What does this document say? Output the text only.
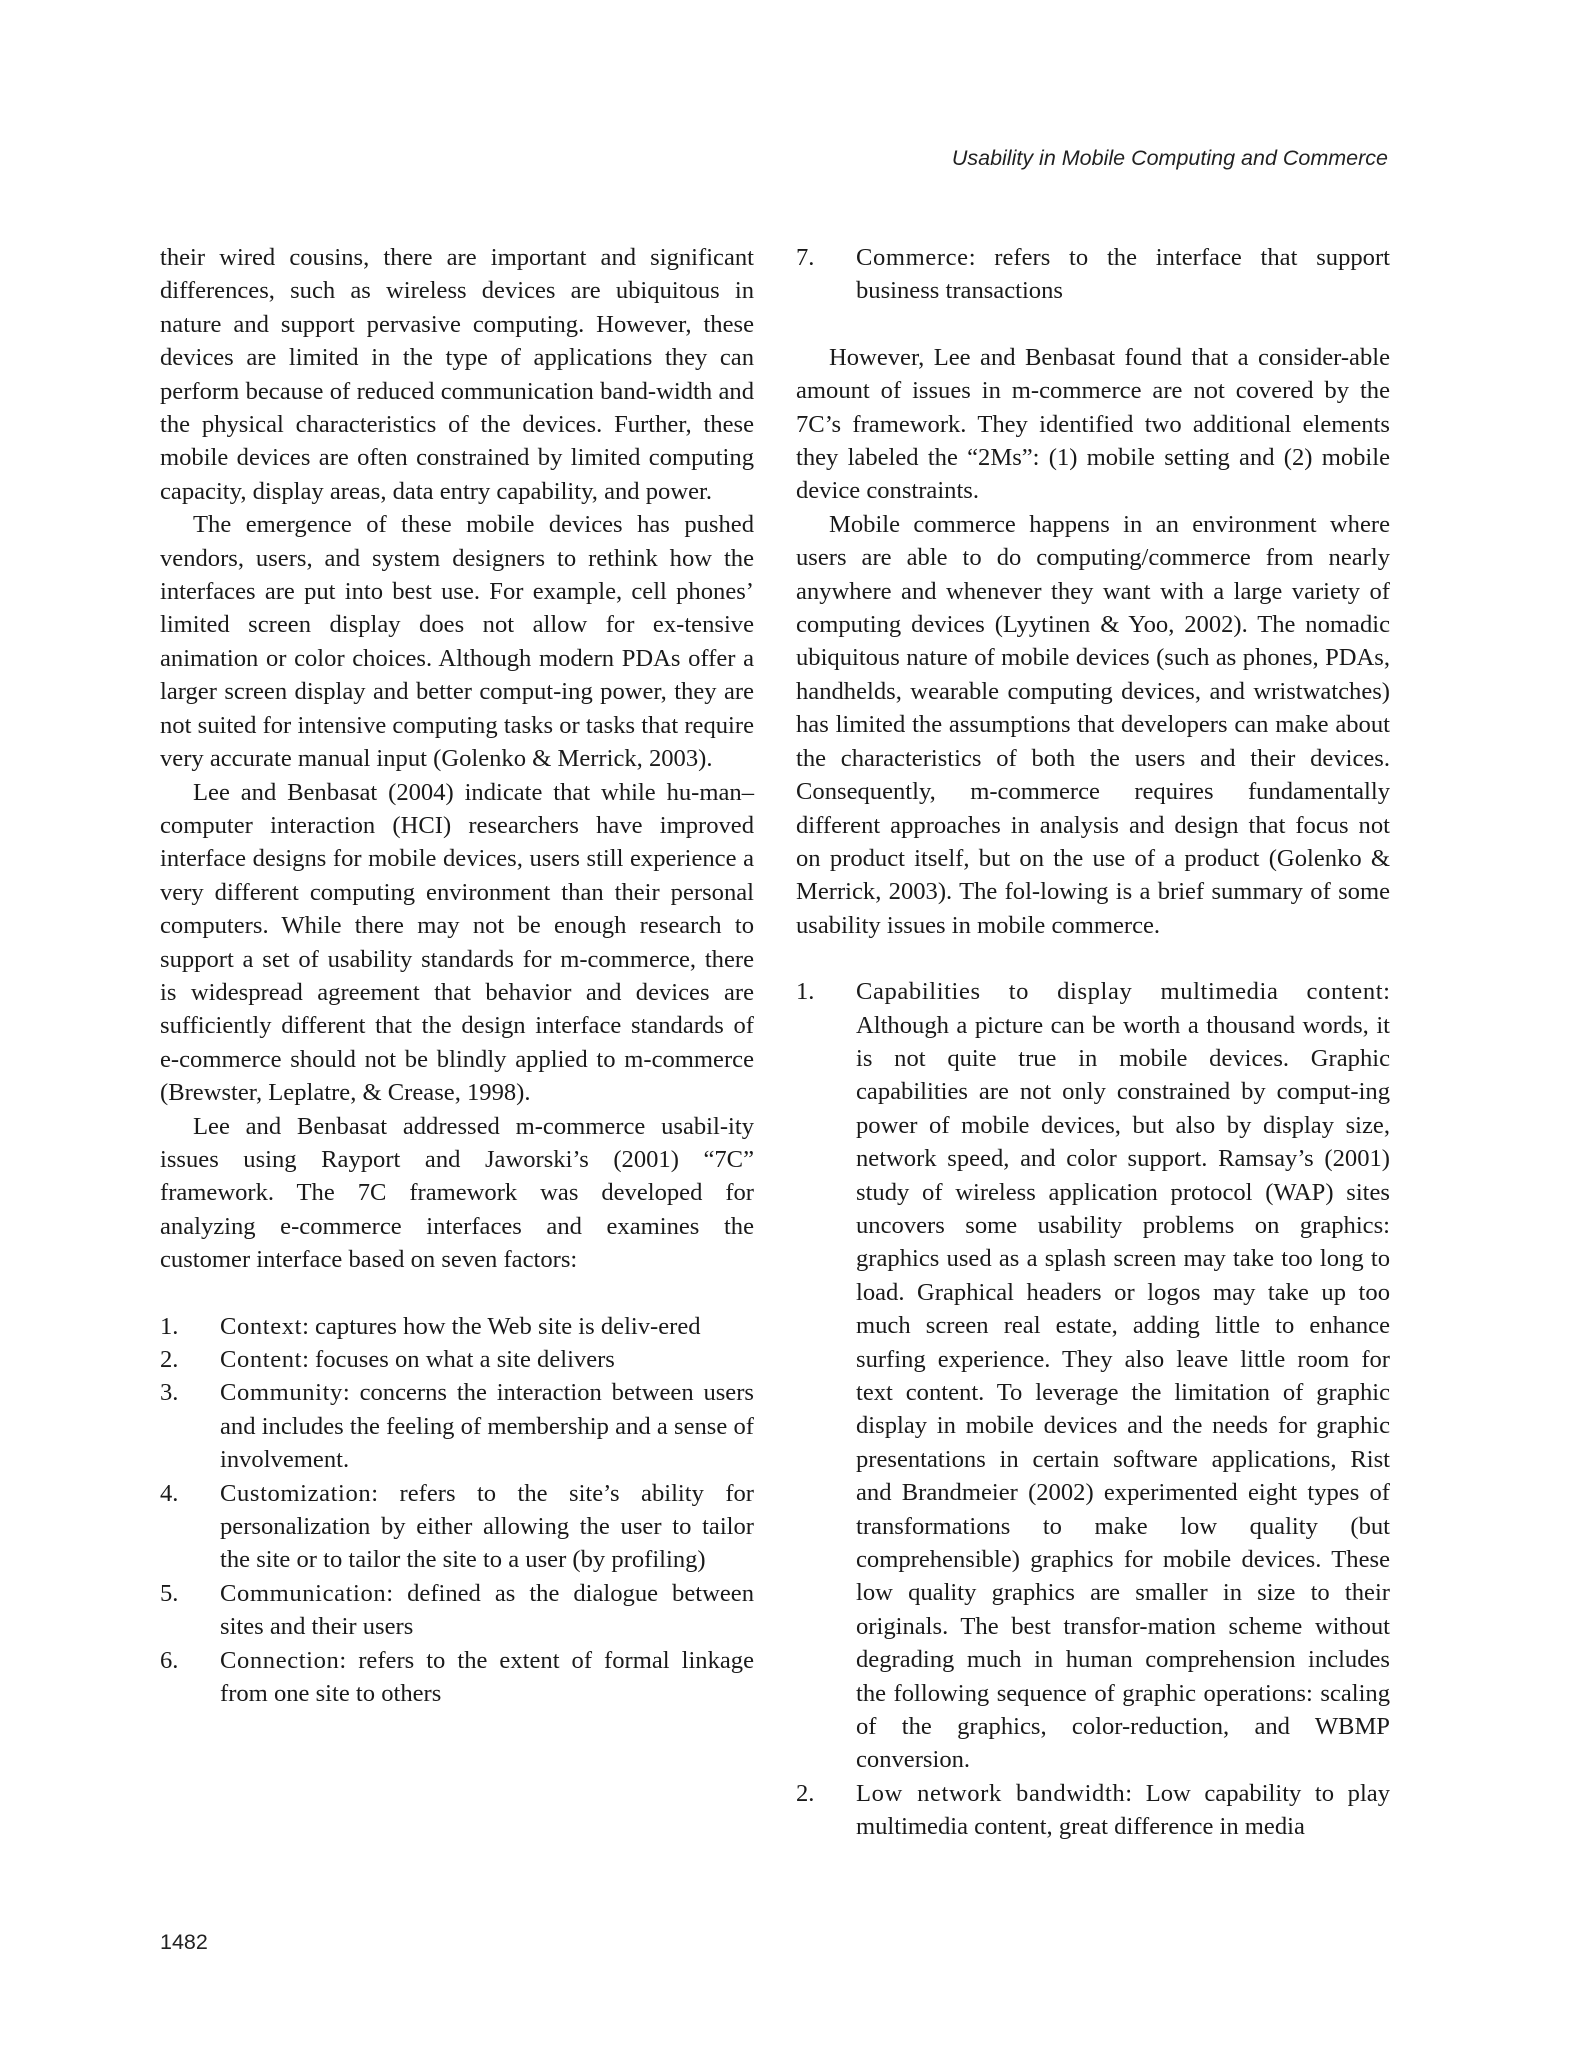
Usability in Mobile Computing and Commerce

their wired cousins, there are important and significant differences, such as wireless devices are ubiquitous in nature and support pervasive computing. However, these devices are limited in the type of applications they can perform because of reduced communication band-width and the physical characteristics of the devices. Further, these mobile devices are often constrained by limited computing capacity, display areas, data entry capability, and power.

The emergence of these mobile devices has pushed vendors, users, and system designers to rethink how the interfaces are put into best use. For example, cell phones’ limited screen display does not allow for ex-tensive animation or color choices. Although modern PDAs offer a larger screen display and better comput-ing power, they are not suited for intensive computing tasks or tasks that require very accurate manual input (Golenko & Merrick, 2003).

Lee and Benbasat (2004) indicate that while hu-man–computer interaction (HCI) researchers have improved interface designs for mobile devices, users still experience a very different computing environment than their personal computers. While there may not be enough research to support a set of usability standards for m-commerce, there is widespread agreement that behavior and devices are sufficiently different that the design interface standards of e-commerce should not be blindly applied to m-commerce (Brewster, Leplatre, & Crease, 1998).

Lee and Benbasat addressed m-commerce usabil-ity issues using Rayport and Jaworski’s (2001) “7C” framework. The 7C framework was developed for analyzing e-commerce interfaces and examines the customer interface based on seven factors:

1. Context: captures how the Web site is deliv-ered
2. Content: focuses on what a site delivers
3. Community: concerns the interaction between users and includes the feeling of membership and a sense of involvement.
4. Customization: refers to the site’s ability for personalization by either allowing the user to tailor the site or to tailor the site to a user (by profiling)
5. Communication: defined as the dialogue between sites and their users
6. Connection: refers to the extent of formal linkage from one site to others
7. Commerce: refers to the interface that support business transactions

However, Lee and Benbasat found that a consider-able amount of issues in m-commerce are not covered by the 7C’s framework. They identified two additional elements they labeled the “2Ms”: (1) mobile setting and (2) mobile device constraints.

Mobile commerce happens in an environment where users are able to do computing/commerce from nearly anywhere and whenever they want with a large variety of computing devices (Lyytinen & Yoo, 2002). The nomadic ubiquitous nature of mobile devices (such as phones, PDAs, handhelds, wearable computing devices, and wristwatches) has limited the assumptions that developers can make about the characteristics of both the users and their devices. Consequently, m-commerce requires fundamentally different approaches in analysis and design that focus not on product itself, but on the use of a product (Golenko & Merrick, 2003). The fol-lowing is a brief summary of some usability issues in mobile commerce.

1. Capabilities to display multimedia content: Although a picture can be worth a thousand words, it is not quite true in mobile devices. Graphic capabilities are not only constrained by comput-ing power of mobile devices, but also by display size, network speed, and color support. Ramsay’s (2001) study of wireless application protocol (WAP) sites uncovers some usability problems on graphics: graphics used as a splash screen may take too long to load. Graphical headers or logos may take up too much screen real estate, adding little to enhance surfing experience. They also leave little room for text content. To leverage the limitation of graphic display in mobile devices and the needs for graphic presentations in certain software applications, Rist and Brandmeier (2002) experimented eight types of transformations to make low quality (but comprehensible) graphics for mobile devices. These low quality graphics are smaller in size to their originals. The best transfor-mation scheme without degrading much in human comprehension includes the following sequence of graphic operations: scaling of the graphics, color-reduction, and WBMP conversion.
2. Low network bandwidth: Low capability to play multimedia content, great difference in media
1482
